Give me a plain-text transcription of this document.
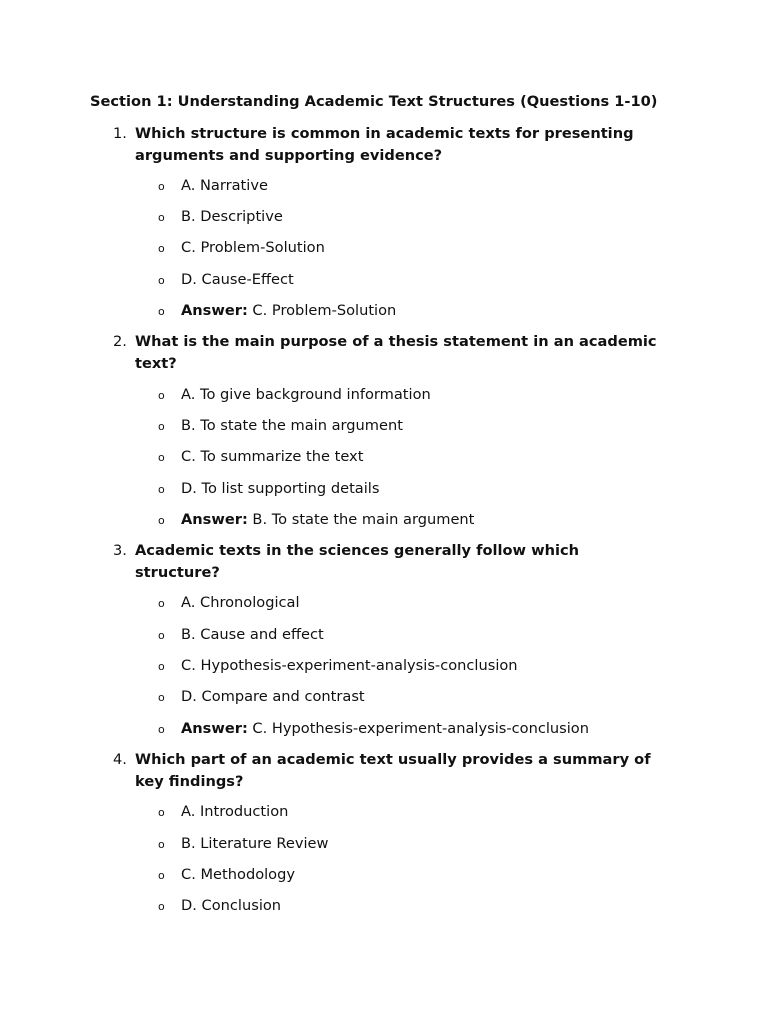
Section 1: Understanding Academic Text Structures (Questions 1-10)
1. Which structure is common in academic texts for presenting arguments and supporting evidence?

o A. Narrative
o B. Descriptive
o C. Problem-Solution
o D. Cause-Effect
o Answer: C. Problem-Solution
2. What is the main purpose of a thesis statement in an academic text?

o A. To give background information
o B. To state the main argument
o C. To summarize the text
o D. To list supporting details
o Answer: B. To state the main argument
3. Academic texts in the sciences generally follow which structure?

o A. Chronological
o B. Cause and effect
o C. Hypothesis-experiment-analysis-conclusion
o D. Compare and contrast
o Answer: C. Hypothesis-experiment-analysis-conclusion
4. Which part of an academic text usually provides a summary of key findings?

o A. Introduction
o B. Literature Review
o C. Methodology
o D. Conclusion
